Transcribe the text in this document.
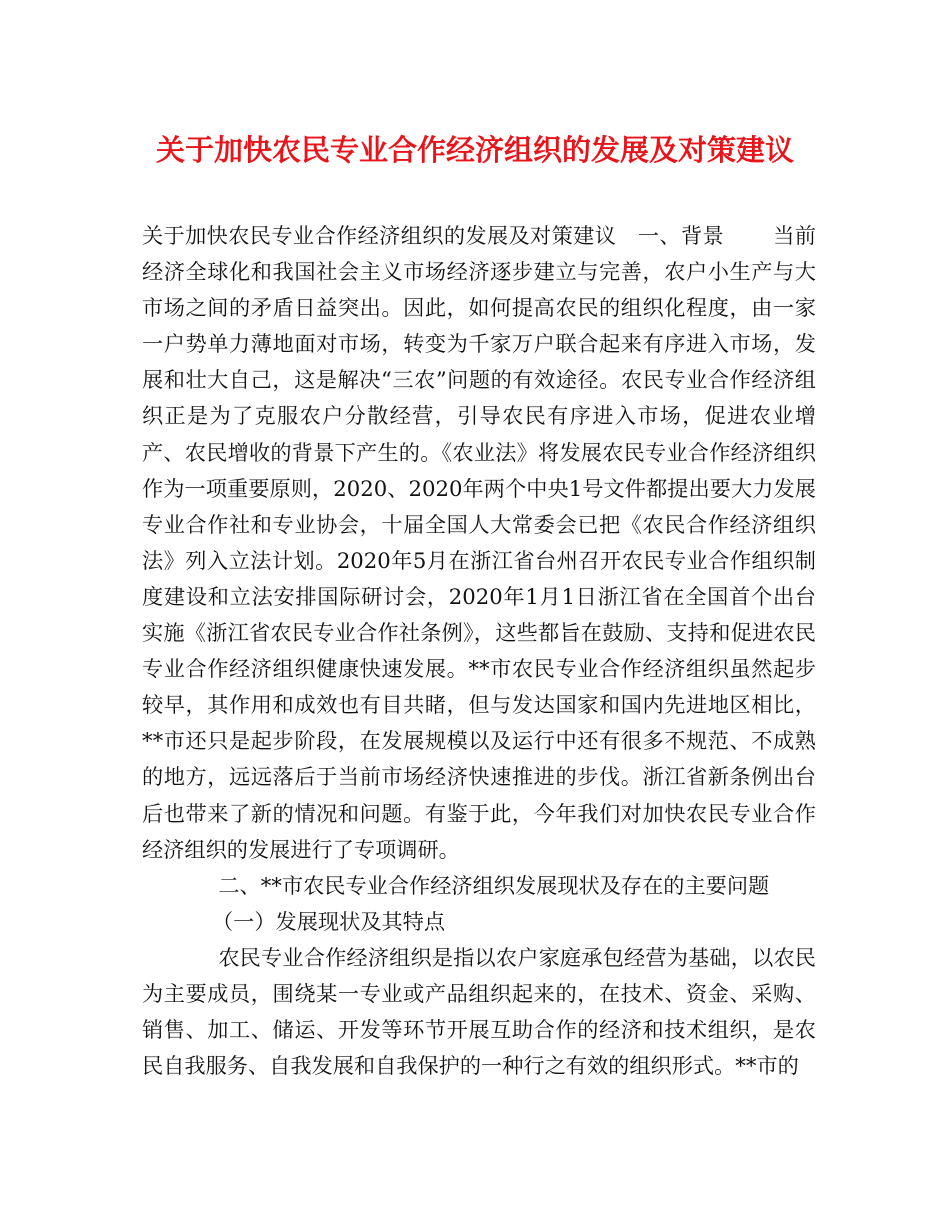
关于加快农民专业合作经济组织的发展及对策建议

关于加快农民专业合作经济组织的发展及对策建议 一、背景 当前经济全球化和我国社会主义市场经济逐步建立与完善，农户小生产与大市场之间的矛盾日益突出。因此，如何提高农民的组织化程度，由一家一户势单力薄地面对市场，转变为千家万户联合起来有序进入市场，发展和壮大自己，这是解决“三农”问题的有效途径。农民专业合作经济组织正是为了克服农户分散经营，引导农民有序进入市场，促进农业增产、农民增收的背景下产生的。《农业法》将发展农民专业合作经济组织作为一项重要原则，2020、2020年两个中央1号文件都提出要大力发展专业合作社和专业协会，十届全国人大常委会已把《农民合作经济组织法》列入立法计划。2020年5月在浙江省台州召开农民专业合作组织制度建设和立法安排国际研讨会，2020年1月1日浙江省在全国首个出台实施《浙江省农民专业合作社条例》，这些都旨在鼓励、支持和促进农民专业合作经济组织健康快速发展。**市农民专业合作经济组织虽然起步较早，其作用和成效也有目共睹，但与发达国家和国内先进地区相比，**市还只是起步阶段，在发展规模以及运行中还有很多不规范、不成熟的地方，远远落后于当前市场经济快速推进的步伐。浙江省新条例出台后也带来了新的情况和问题。有鉴于此，今年我们对加快农民专业合作经济组织的发展进行了专项调研。

二、**市农民专业合作经济组织发展现状及存在的主要问题

（一）发展现状及其特点

农民专业合作经济组织是指以农户家庭承包经营为基础，以农民为主要成员，围绕某一专业或产品组织起来的，在技术、资金、采购、销售、加工、储运、开发等环节开展互助合作的经济和技术组织，是农民自我服务、自我发展和自我保护的一种行之有效的组织形式。**市的
